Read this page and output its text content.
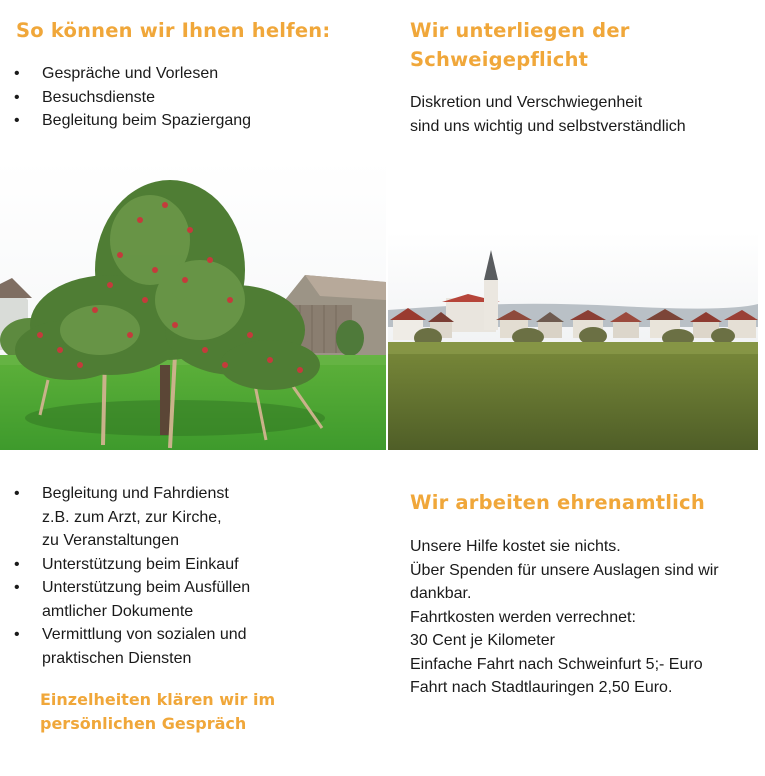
So können wir Ihnen helfen:
• Gespräche und Vorlesen
• Besuchsdienste
• Begleitung beim Spaziergang
• Begleitung und Fahrdienst
z.B. zum Arzt, zur Kirche,
zu Veranstaltungen
• Unterstützung beim Einkauf
• Unterstützung beim Ausfüllen
amtlicher Dokumente
• Vermittlung von sozialen und
praktischen Diensten

Einzelheiten klären wir im
persönlichen Gespräch

Wir unterliegen der
Schweigepflicht

Diskretion und Verschwiegenheit
sind uns wichtig und selbstverständlich

Wir arbeiten ehrenamtlich

Unsere Hilfe kostet sie nichts.
Über Spenden für unsere Auslagen sind wir
dankbar.
Fahrtkosten werden verrechnet:
30 Cent je Kilometer
Einfache Fahrt nach Schweinfurt 5;- Euro
Fahrt nach Stadtlauringen 2,50 Euro.
